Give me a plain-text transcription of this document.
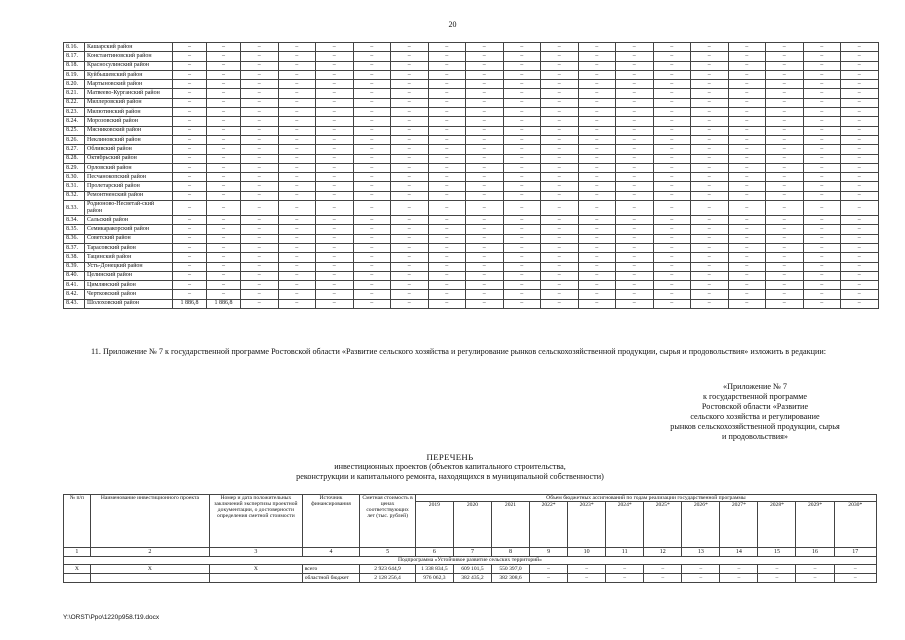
20
8.16.	Кашарский район	–	–	–	–	–	–	–	–	–	–	–	–	–	–	–	–	–	–	–
8.17.	Константиновский район	–	–	–	–	–	–	–	–	–	–	–	–	–	–	–	–	–	–	–
8.18.	Красносулинский район	–	–	–	–	–	–	–	–	–	–	–	–	–	–	–	–	–	–	–
8.19.	Куйбышевский район	–	–	–	–	–	–	–	–	–	–	–	–	–	–	–	–	–	–	–
8.20.	Мартыновский район	–	–	–	–	–	–	–	–	–	–	–	–	–	–	–	–	–	–	–
8.21.	Матвеево-Курганский район	–	–	–	–	–	–	–	–	–	–	–	–	–	–	–	–	–	–	–
8.22.	Миллеровский район	–	–	–	–	–	–	–	–	–	–	–	–	–	–	–	–	–	–	–
8.23.	Милютинский район	–	–	–	–	–	–	–	–	–	–	–	–	–	–	–	–	–	–	–
8.24.	Морозовский район	–	–	–	–	–	–	–	–	–	–	–	–	–	–	–	–	–	–	–
8.25.	Мясниковский район	–	–	–	–	–	–	–	–	–	–	–	–	–	–	–	–	–	–	–
8.26.	Неклиновский район	–	–	–	–	–	–	–	–	–	–	–	–	–	–	–	–	–	–	–
8.27.	Обливский район	–	–	–	–	–	–	–	–	–	–	–	–	–	–	–	–	–	–	–
8.28.	Октябрьский район	–	–	–	–	–	–	–	–	–	–	–	–	–	–	–	–	–	–	–
8.29.	Орловский район	–	–	–	–	–	–	–	–	–	–	–	–	–	–	–	–	–	–	–
8.30.	Песчанокопский район	–	–	–	–	–	–	–	–	–	–	–	–	–	–	–	–	–	–	–
8.31.	Пролетарский район	–	–	–	–	–	–	–	–	–	–	–	–	–	–	–	–	–	–	–
8.32.	Ремонтненский район	–	–	–	–	–	–	–	–	–	–	–	–	–	–	–	–	–	–	–
8.33.	Родионово-Несветай-ский район	–	–	–	–	–	–	–	–	–	–	–	–	–	–	–	–	–	–	–
8.34.	Сальский район	–	–	–	–	–	–	–	–	–	–	–	–	–	–	–	–	–	–	–
8.35.	Семикаракорский район	–	–	–	–	–	–	–	–	–	–	–	–	–	–	–	–	–	–	–
8.36.	Советский район	–	–	–	–	–	–	–	–	–	–	–	–	–	–	–	–	–	–	–
8.37.	Тарасовский район	–	–	–	–	–	–	–	–	–	–	–	–	–	–	–	–	–	–	–
8.38.	Тацинский район	–	–	–	–	–	–	–	–	–	–	–	–	–	–	–	–	–	–	–
8.39.	Усть-Донецкий район	–	–	–	–	–	–	–	–	–	–	–	–	–	–	–	–	–	–	–
8.40.	Целинский район	–	–	–	–	–	–	–	–	–	–	–	–	–	–	–	–	–	–	–
8.41.	Цимлянский район	–	–	–	–	–	–	–	–	–	–	–	–	–	–	–	–	–	–	–
8.42.	Чертковский район	–	–	–	–	–	–	–	–	–	–	–	–	–	–	–	–	–	–	–
8.43.	Шолоховский район	1 886,8	1 886,8	–	–	–	–	–	–	–	–	–	–	–	–	–	–	–	–	–
11. Приложение № 7 к государственной программе Ростовской области «Развитие сельского хозяйства и регулирование рынков сельскохозяйственной продукции, сырья и продовольствия» изложить в редакции:
«Приложение № 7
к государственной программе
Ростовской области «Развитие
сельского хозяйства и регулирование
рынков сельскохозяйственной продукции, сырья
и продовольствия»
ПЕРЕЧЕНЬ
инвестиционных проектов (объектов капитального строительства,
реконструкции и капитального ремонта, находящихся в муниципальной собственности)
№ п/п	Наименование инвестиционного проекта	Номер и дата положительных заключений экспертизы проектной документации, о достоверности определения сметной стоимости	Источник финансирования	Сметная стоимость в ценах соответствующих лет (тыс. рублей)	Объем бюджетных ассигнований по годам реализации государственной программы											
					2019	2020	2021	2022*	2023*	2024*	2025*	2026*	2027*	2028*	2029*	2030*
1	2	3	4	5	6	7	8	9	10	11	12	13	14	15	16	17
Подпрограмма «Устойчивое развитие сельских территорий»																
X	X	X	всего	2 923 644,9	1 338 834,5	609 101,5	550 397,0	–	–	–	–	–	–	–	–	–
			областной бюджет	2 128 256,4	976 062,3	382 435,2	382 308,6	–	–	–	–	–	–	–	–	–
Y:\ORST\Ppo\1220p958.f19.docx
